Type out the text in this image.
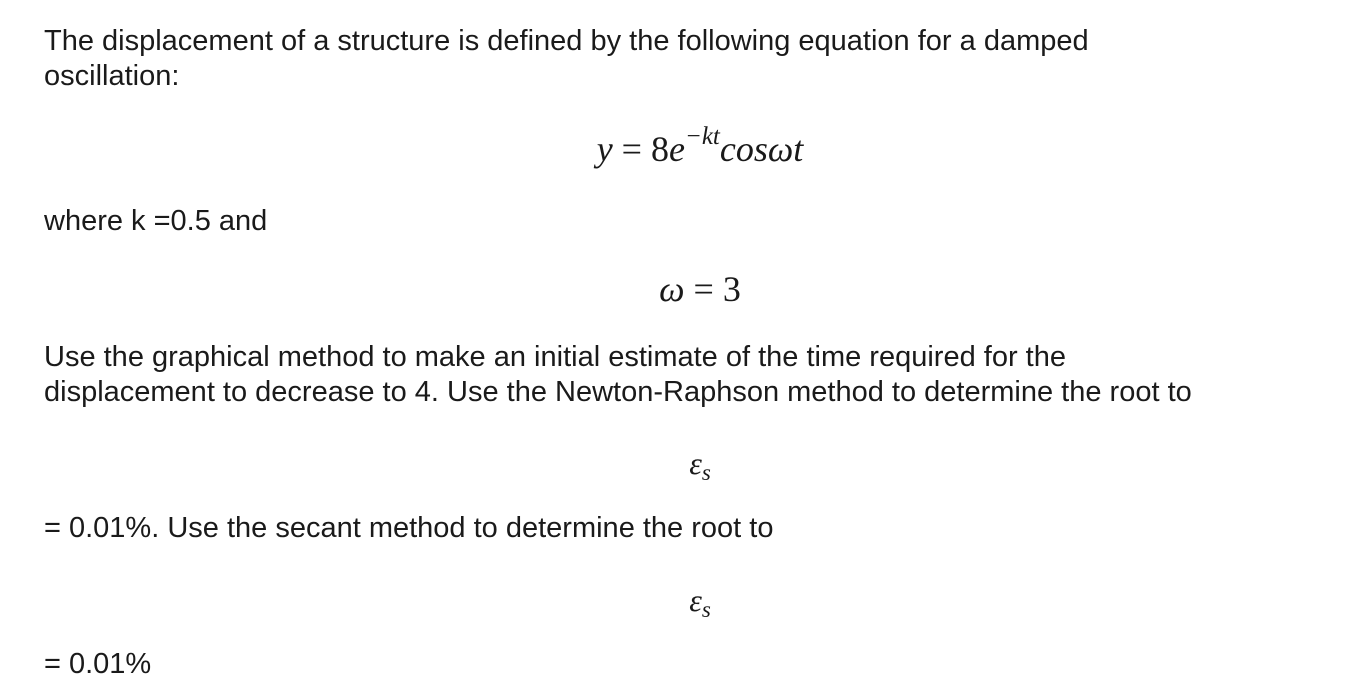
The displacement of a structure is defined by the following equation for a damped

oscillation:

$y = 8e^{-kt}\cos\omega t$

where k =0.5 and

ω = 3

Use the graphical method to make an initial estimate of the time required for the

displacement to decrease to 4. Use the Newton-Raphson method to determine the root to

$\varepsilon_s$

= 0.01%. Use the secant method to determine the root to

$\varepsilon_s$

= 0.01%
